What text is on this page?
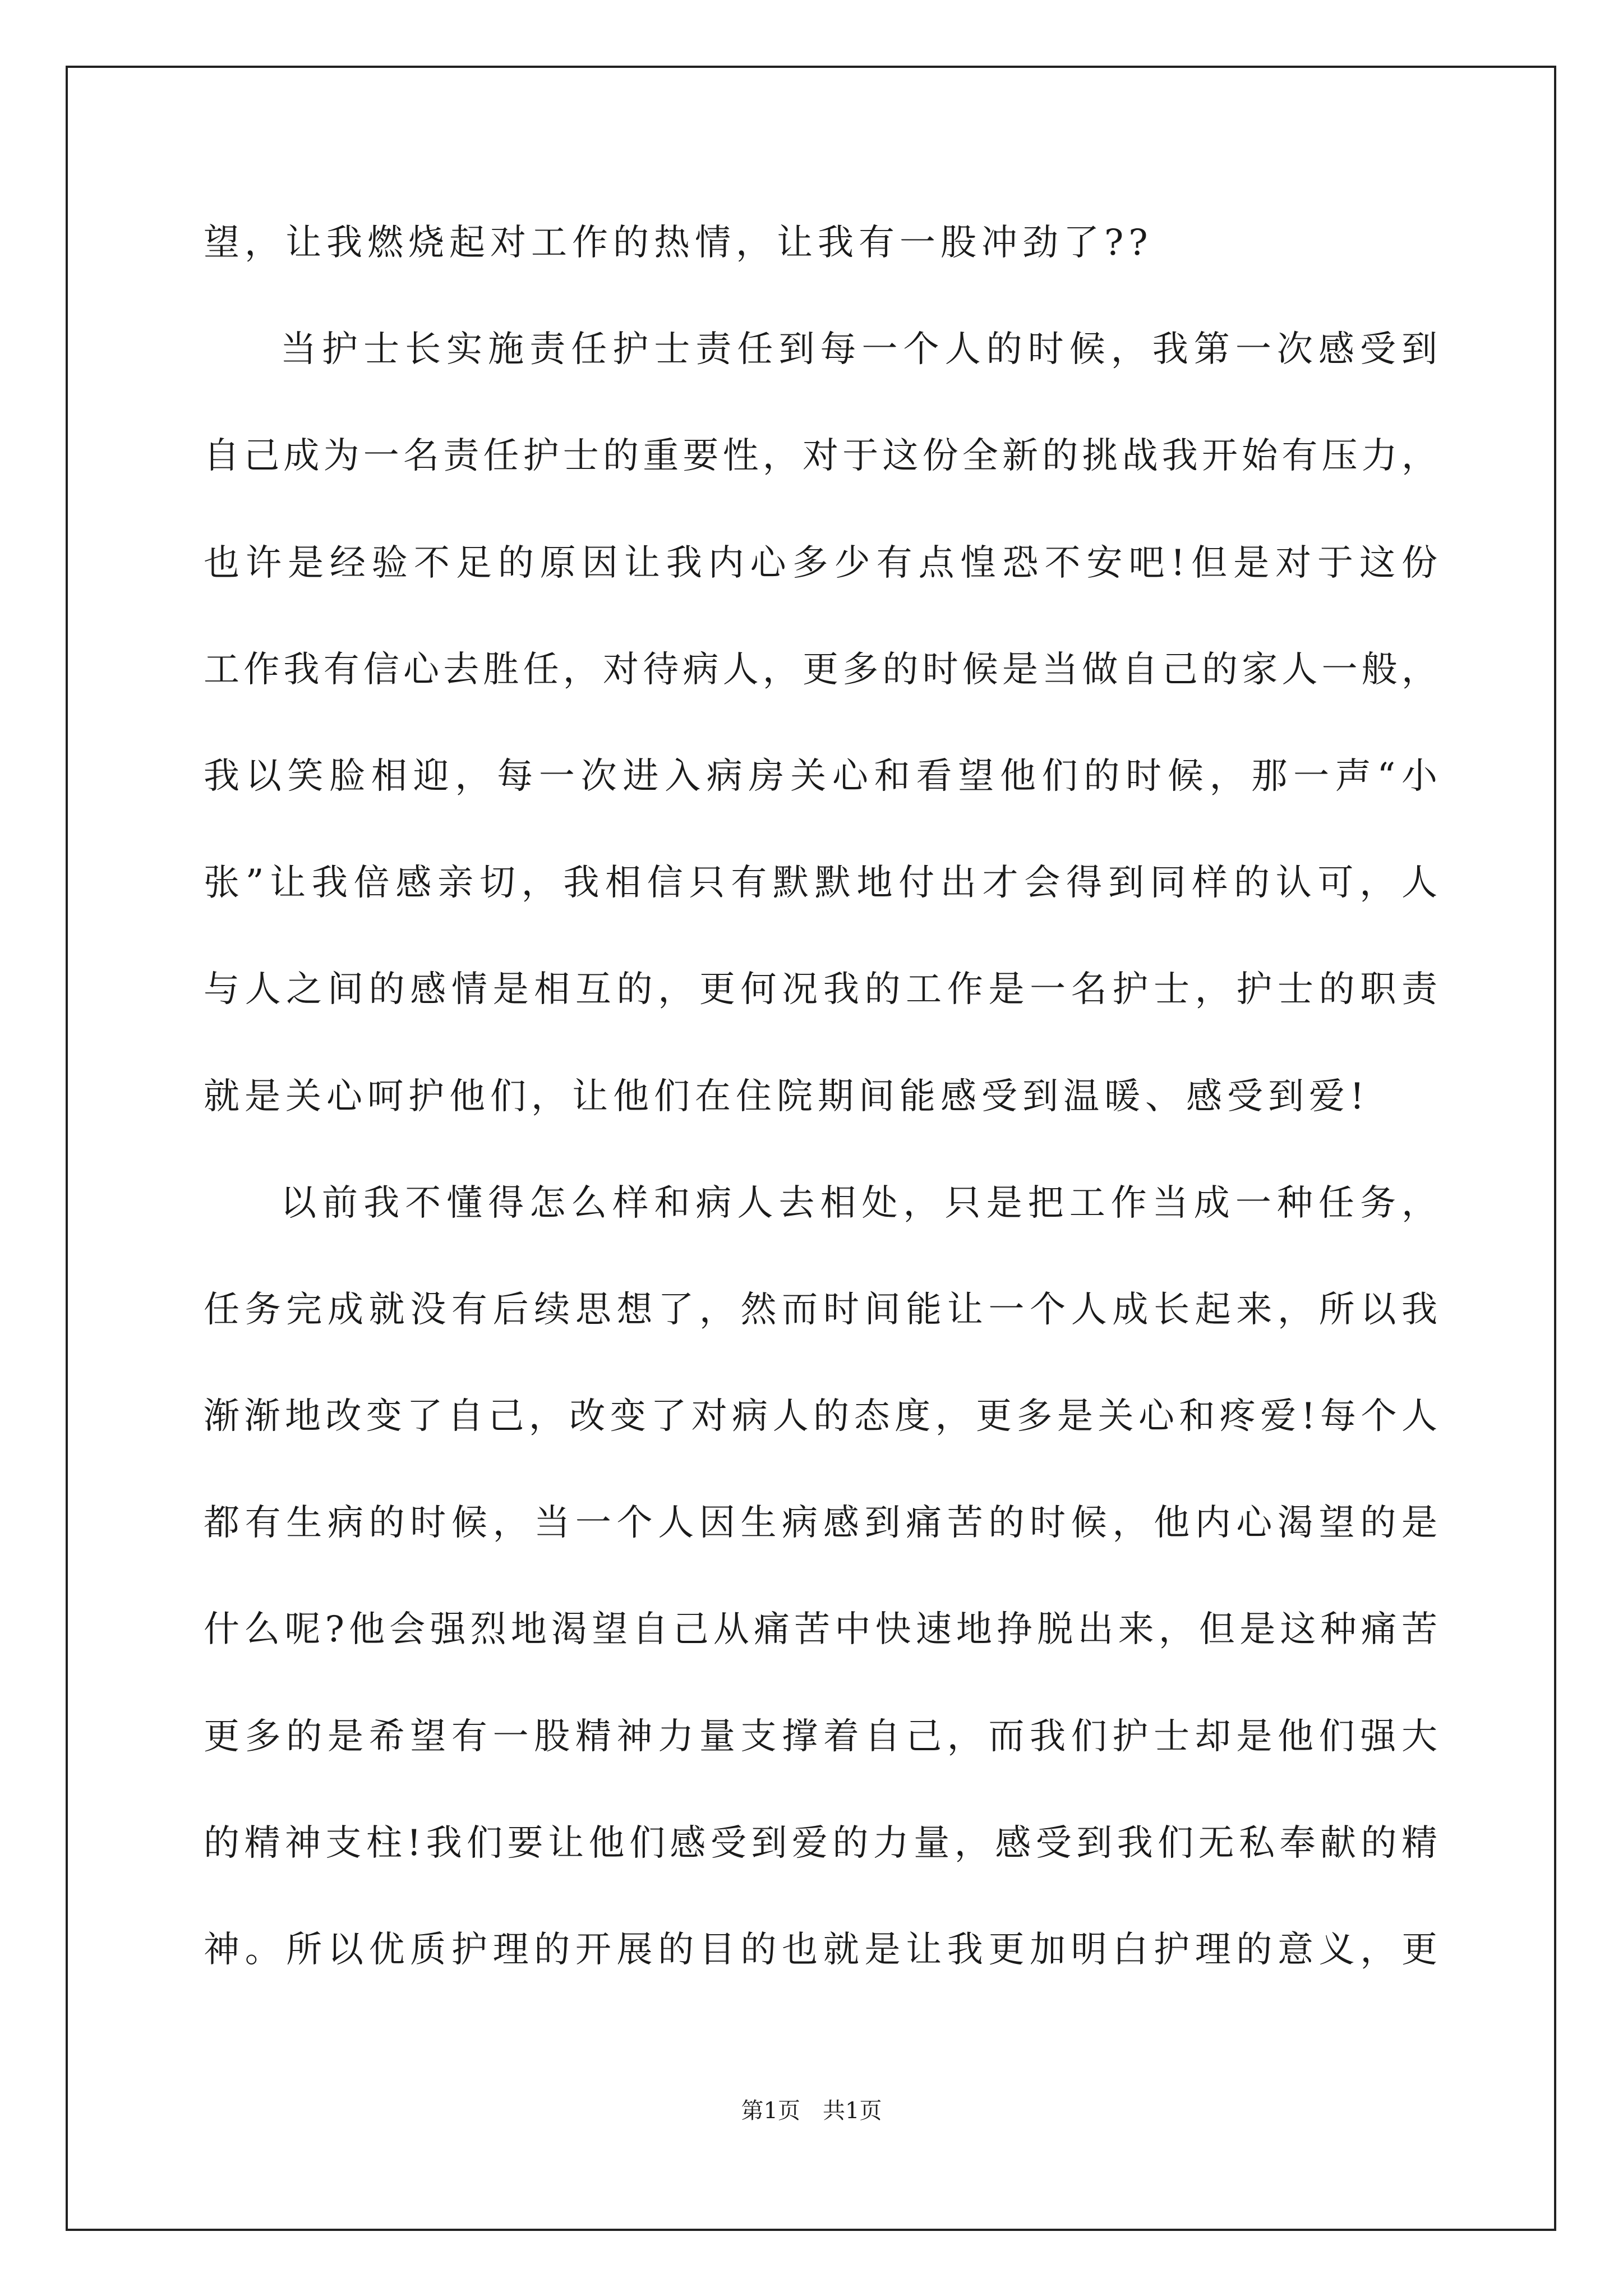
望，让我燃烧起对工作的热情，让我有一股冲劲了??
当护士长实施责任护士责任到每一个人的时候，我第一次感受到
自己成为一名责任护士的重要性，对于这份全新的挑战我开始有压力，
也许是经验不足的原因让我内心多少有点惶恐不安吧!但是对于这份
工作我有信心去胜任，对待病人，更多的时候是当做自己的家人一般，
我以笑脸相迎，每一次进入病房关心和看望他们的时候，那一声“小
张”让我倍感亲切，我相信只有默默地付出才会得到同样的认可，人
与人之间的感情是相互的，更何况我的工作是一名护士，护士的职责
就是关心呵护他们，让他们在住院期间能感受到温暖、感受到爱!
以前我不懂得怎么样和病人去相处，只是把工作当成一种任务，
任务完成就没有后续思想了，然而时间能让一个人成长起来，所以我
渐渐地改变了自己，改变了对病人的态度，更多是关心和疼爱!每个人
都有生病的时候，当一个人因生病感到痛苦的时候，他内心渴望的是
什么呢?他会强烈地渴望自己从痛苦中快速地挣脱出来，但是这种痛苦
更多的是希望有一股精神力量支撑着自己，而我们护士却是他们强大
的精神支柱!我们要让他们感受到爱的力量，感受到我们无私奉献的精
神。所以优质护理的开展的目的也就是让我更加明白护理的意义，更
第1页 共1页
